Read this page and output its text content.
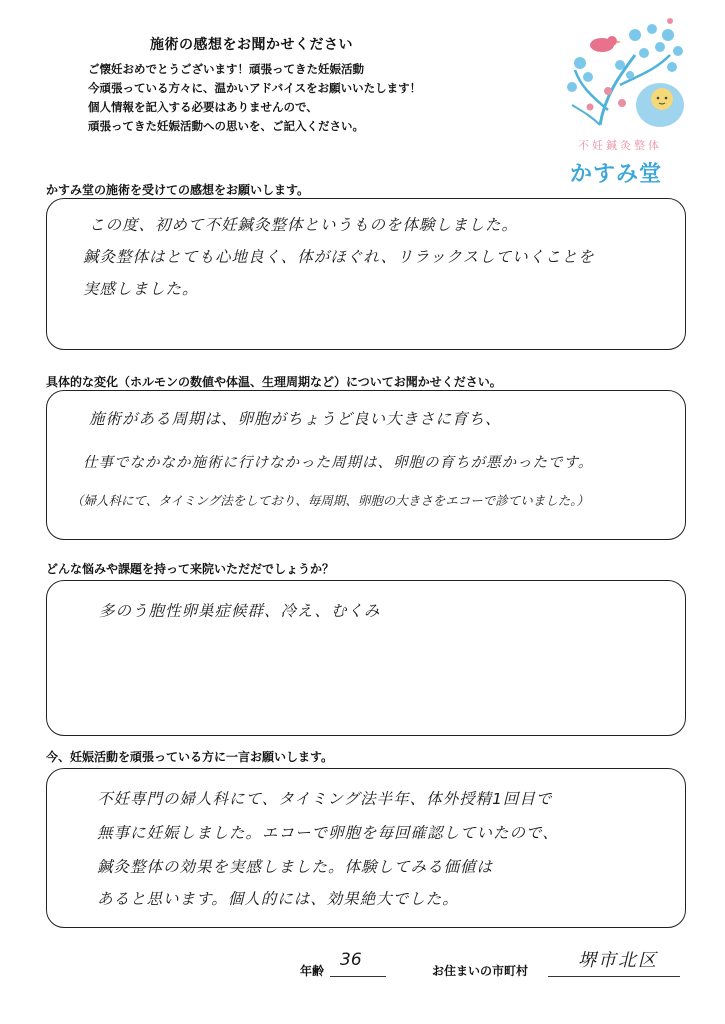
施術の感想をお聞かせください
ご懐妊おめでとうございます！頑張ってきた妊娠活動
今頑張っている方々に、温かいアドバイスをお願いいたします！
個人情報を記入する必要はありませんので、
頑張ってきた妊娠活動への思いを、ご記入ください。
不妊鍼灸整体
かすみ堂
かすみ堂の施術を受けての感想をお願いします。
この度、初めて不妊鍼灸整体というものを体験しました。
鍼灸整体はとても心地良く、体がほぐれ、リラックスしていくことを
実感しました。
具体的な変化（ホルモンの数値や体温、生理周期など）についてお聞かせください。
施術がある周期は、卵胞がちょうど良い大きさに育ち、
仕事でなかなか施術に行けなかった周期は、卵胞の育ちが悪かったです。
（婦人科にて、タイミング法をしており、毎周期、卵胞の大きさをエコーで診ていました。）
どんな悩みや課題を持って来院いただだでしょうか？
多のう胞性卵巣症候群、冷え、むくみ
今、妊娠活動を頑張っている方に一言お願いします。
不妊専門の婦人科にて、タイミング法半年、体外授精1回目で
無事に妊娠しました。エコーで卵胞を毎回確認していたので、
鍼灸整体の効果を実感しました。体験してみる価値は
あると思います。個人的には、効果絶大でした。
年齢
36
お住まいの市町村	堺市北区
